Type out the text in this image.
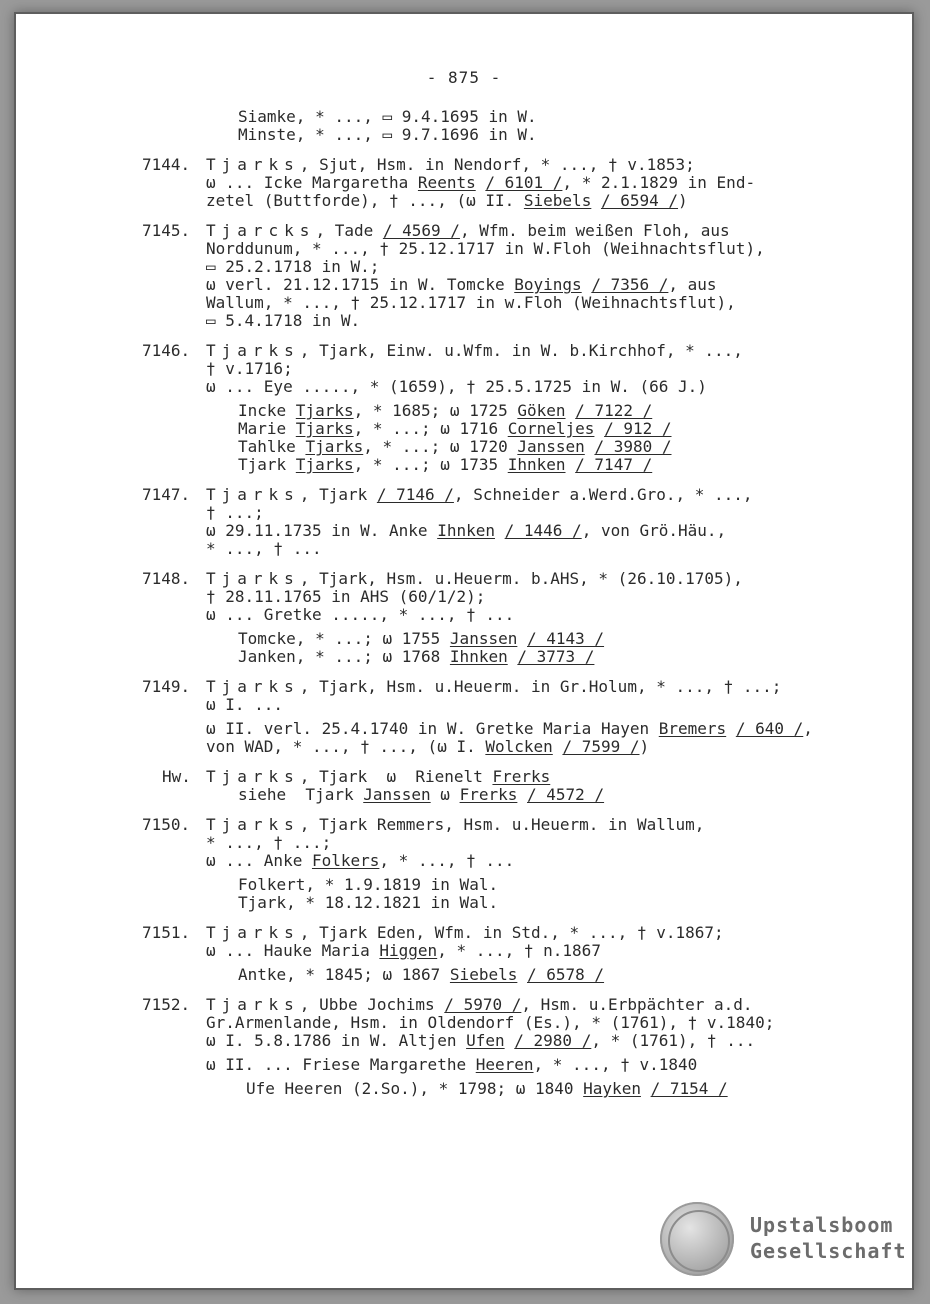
- 875 -
Siamke, * ..., ▭ 9.4.1695 in W.
Minste, * ..., ▭ 9.7.1696 in W.
7144. Tjarks, Sjut, Hsm. in Nendorf, * ..., † v.1853;
ω ... Icke Margaretha Reents / 6101 /, * 2.1.1829 in End-
zetel (Buttforde), † ..., (ω II. Siebels / 6594 /)
7145. Tjarcks, Tade / 4569 /, Wfm. beim weißen Floh, aus
Norddunum, * ..., † 25.12.1717 in W.Floh (Weihnachtsflut),
▭ 25.2.1718 in W.;
ω verl. 21.12.1715 in W. Tomcke Boyings / 7356 /, aus
Wallum, * ..., † 25.12.1717 in w.Floh (Weihnachtsflut),
▭ 5.4.1718 in W.
7146. Tjarks, Tjark, Einw. u.Wfm. in W. b.Kirchhof, * ...,
† v.1716;
ω ... Eye ....., * (1659), † 25.5.1725 in W. (66 J.)
Incke Tjarks, * 1685; ω 1725 Göken / 7122 /
Marie Tjarks, * ...; ω 1716 Corneljes / 912 /
Tahlke Tjarks, * ...; ω 1720 Janssen / 3980 /
Tjark Tjarks, * ...; ω 1735 Ihnken / 7147 /
7147. Tjarks, Tjark / 7146 /, Schneider a.Werd.Gro., * ...,
† ...;
ω 29.11.1735 in W. Anke Ihnken / 1446 /, von Grö.Häu.,
* ..., † ...
7148. Tjarks, Tjark, Hsm. u.Heuerm. b.AHS, * (26.10.1705),
† 28.11.1765 in AHS (60/1/2);
ω ... Gretke ....., * ..., † ...
Tomcke, * ...; ω 1755 Janssen / 4143 /
Janken, * ...; ω 1768 Ihnken / 3773 /
7149. Tjarks, Tjark, Hsm. u.Heuerm. in Gr.Holum, * ..., † ...;
ω I. ...
ω II. verl. 25.4.1740 in W. Gretke Maria Hayen Bremers / 640 /,
von WAD, * ..., † ..., (ω I. Wolcken / 7599 /)
Hw. Tjarks, Tjark  ω  Rienelt Frerks
siehe  Tjark Janssen ω Frerks / 4572 /
7150. Tjarks, Tjark Remmers, Hsm. u.Heuerm. in Wallum,
* ..., † ...;
ω ... Anke Folkers, * ..., † ...
Folkert, * 1.9.1819 in Wal.
Tjark, * 18.12.1821 in Wal.
7151. Tjarks, Tjark Eden, Wfm. in Std., * ..., † v.1867;
ω ... Hauke Maria Higgen, * ..., † n.1867
Antke, * 1845; ω 1867 Siebels / 6578 /
7152. Tjarks, Ubbe Jochims / 5970 /, Hsm. u.Erbpächter a.d.
Gr.Armenlande, Hsm. in Oldendorf (Es.), * (1761), † v.1840;
ω I. 5.8.1786 in W. Altjen Ufen / 2980 /, * (1761), † ...
ω II. ... Friese Margarethe Heeren, * ..., † v.1840
Ufe Heeren (2.So.), * 1798; ω 1840 Hayken / 7154 /
Upstalsboom
Gesellschaft
